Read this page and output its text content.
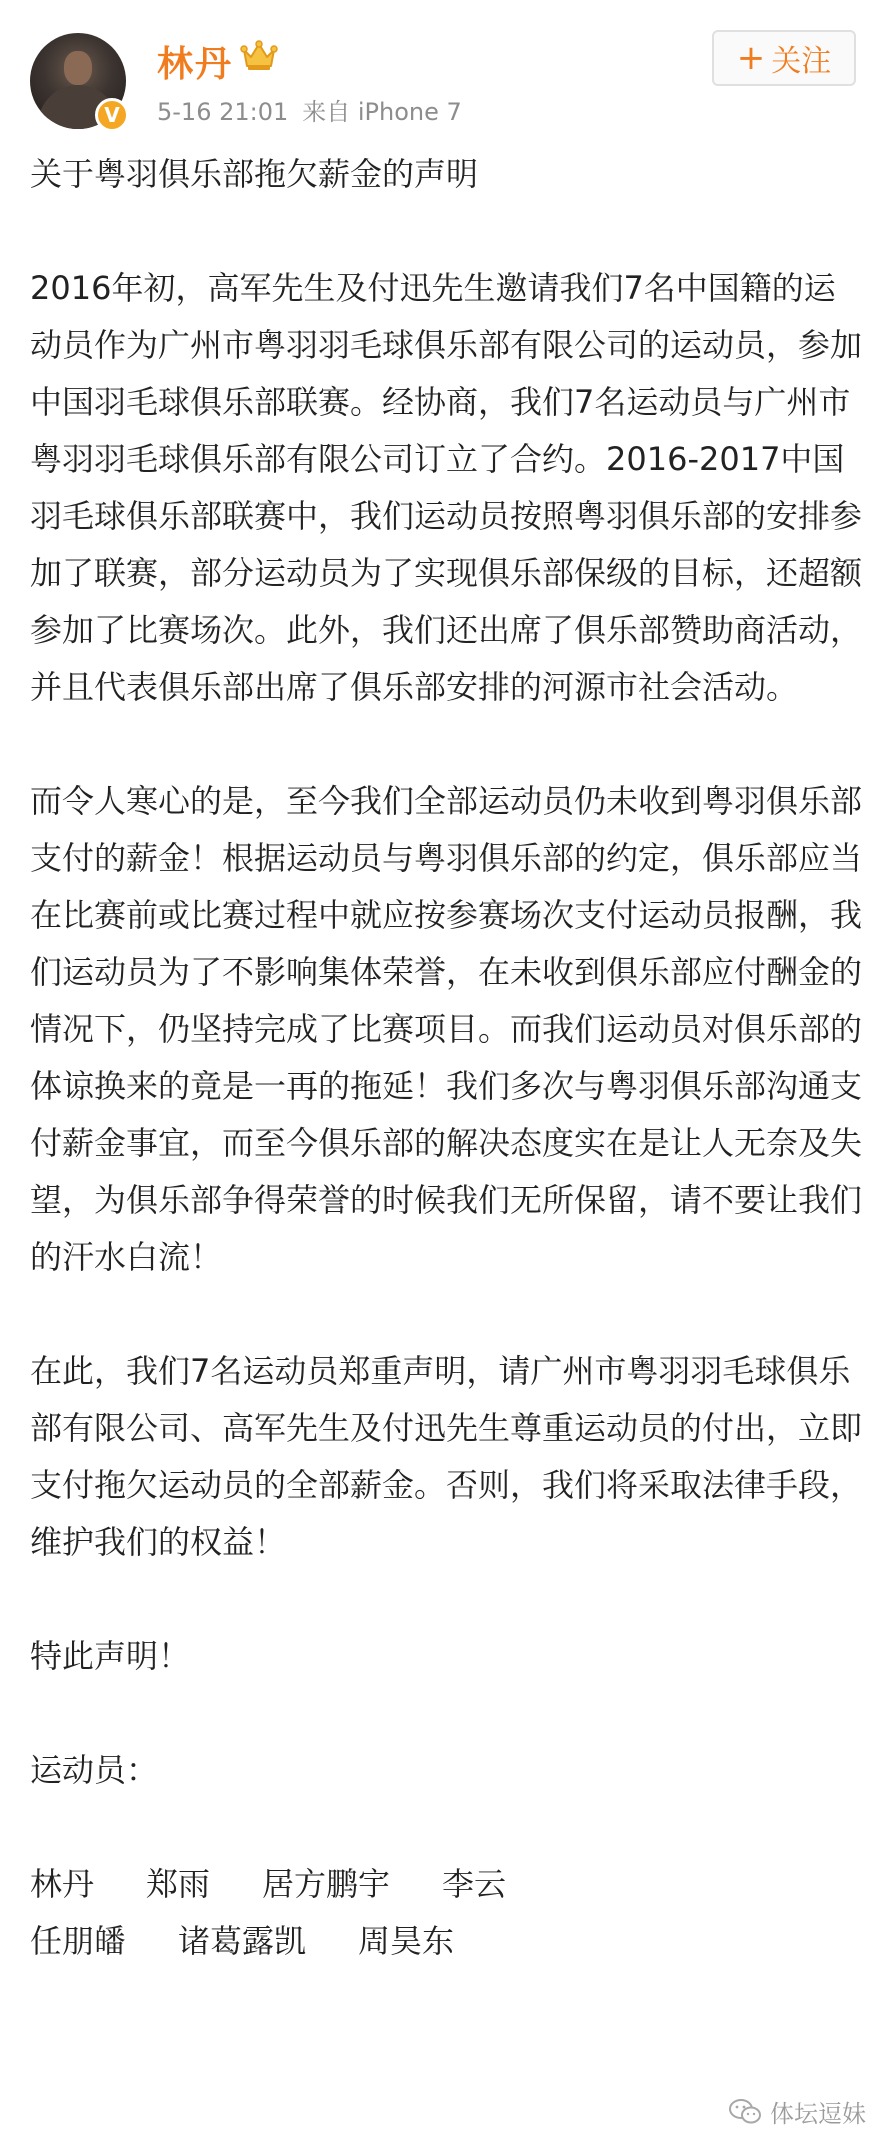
V
林丹
5-16 21:01 来自 iPhone 7
+ 关注

关于粤羽俱乐部拖欠薪金的声明

2016年初，高军先生及付迅先生邀请我们7名中国籍的运动员作为广州市粤羽羽毛球俱乐部有限公司的运动员，参加中国羽毛球俱乐部联赛。经协商，我们7名运动员与广州市粤羽羽毛球俱乐部有限公司订立了合约。2016-2017中国羽毛球俱乐部联赛中，我们运动员按照粤羽俱乐部的安排参加了联赛，部分运动员为了实现俱乐部保级的目标，还超额参加了比赛场次。此外，我们还出席了俱乐部赞助商活动，并且代表俱乐部出席了俱乐部安排的河源市社会活动。

而令人寒心的是，至今我们全部运动员仍未收到粤羽俱乐部支付的薪金！根据运动员与粤羽俱乐部的约定，俱乐部应当在比赛前或比赛过程中就应按参赛场次支付运动员报酬，我们运动员为了不影响集体荣誉，在未收到俱乐部应付酬金的情况下，仍坚持完成了比赛项目。而我们运动员对俱乐部的体谅换来的竟是一再的拖延！我们多次与粤羽俱乐部沟通支付薪金事宜，而至今俱乐部的解决态度实在是让人无奈及失望，为俱乐部争得荣誉的时候我们无所保留，请不要让我们的汗水白流！

在此，我们7名运动员郑重声明，请广州市粤羽羽毛球俱乐部有限公司、高军先生及付迅先生尊重运动员的付出，立即支付拖欠运动员的全部薪金。否则，我们将采取法律手段，维护我们的权益！

特此声明！

运动员：

林丹 郑雨 居方鹏宇 李云
任朋皤 诸葛露凯 周昊东
体坛逗妹
